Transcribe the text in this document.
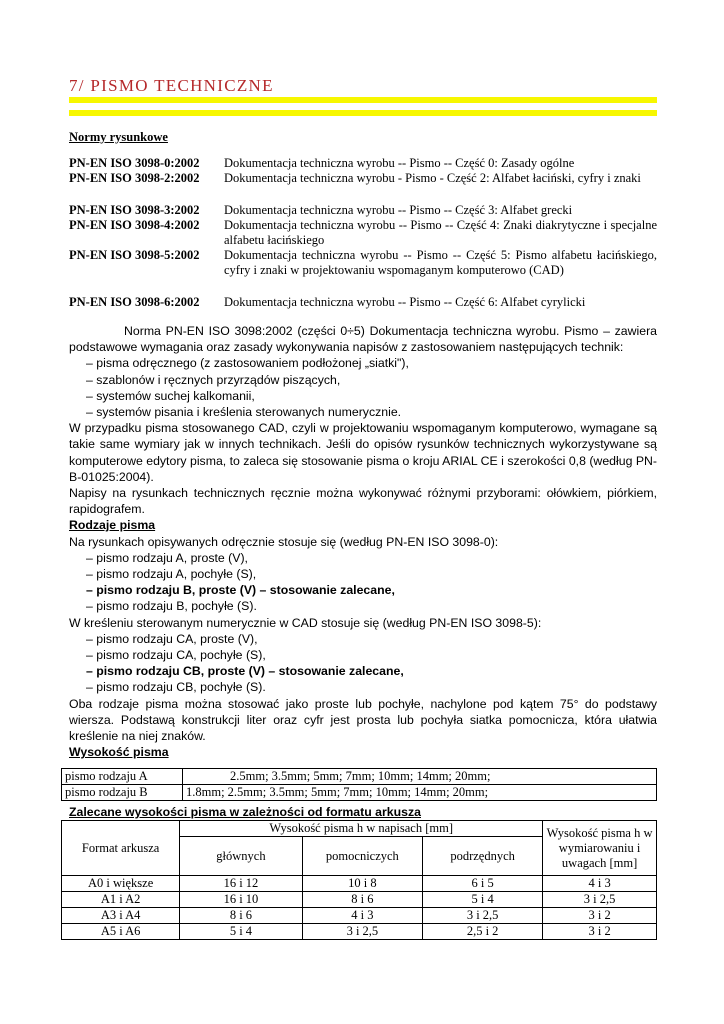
7/ PISMO TECHNICZNE
Normy rysunkowe
PN-EN ISO 3098-0:2002 Dokumentacja techniczna wyrobu -- Pismo -- Część 0: Zasady ogólne
PN-EN ISO 3098-2:2002 Dokumentacja techniczna wyrobu - Pismo - Część 2: Alfabet łaciński, cyfry i znaki
PN-EN ISO 3098-3:2002 Dokumentacja techniczna wyrobu -- Pismo -- Część 3: Alfabet grecki
PN-EN ISO 3098-4:2002 Dokumentacja techniczna wyrobu -- Pismo -- Część 4: Znaki diakrytyczne i specjalne alfabetu łacińskiego
PN-EN ISO 3098-5:2002 Dokumentacja techniczna wyrobu -- Pismo -- Część 5: Pismo alfabetu łacińskiego, cyfry i znaki w projektowaniu wspomaganym komputerowo (CAD)
PN-EN ISO 3098-6:2002 Dokumentacja techniczna wyrobu -- Pismo -- Część 6: Alfabet cyrylicki

Norma PN-EN ISO 3098:2002 (części 0÷5) Dokumentacja techniczna wyrobu. Pismo – zawiera podstawowe wymagania oraz zasady wykonywania napisów z zastosowaniem następujących technik:

– pisma odręcznego (z zastosowaniem podłożonej „siatki"),

– szablonów i ręcznych przyrządów piszących,

– systemów suchej kalkomanii,

– systemów pisania i kreślenia sterowanych numerycznie.

W przypadku pisma stosowanego CAD, czyli w projektowaniu wspomaganym komputerowo, wymagane są takie same wymiary jak w innych technikach. Jeśli do opisów rysunków technicznych wykorzystywane są komputerowe edytory pisma, to zaleca się stosowanie pisma o kroju ARIAL CE i szerokości 0,8 (według PN-B-01025:2004).

Napisy na rysunkach technicznych ręcznie można wykonywać różnymi przyborami: ołówkiem, piórkiem, rapidografem.

Rodzaje pisma

Na rysunkach opisywanych odręcznie stosuje się (według PN-EN ISO 3098-0):

– pismo rodzaju A, proste (V),

– pismo rodzaju A, pochyłe (S),

– pismo rodzaju B, proste (V) – stosowanie zalecane,

– pismo rodzaju B, pochyłe (S).

W kreśleniu sterowanym numerycznie w CAD stosuje się (według PN-EN ISO 3098-5):

– pismo rodzaju CA, proste (V),

– pismo rodzaju CA, pochyłe (S),

– pismo rodzaju CB, proste (V) – stosowanie zalecane,

– pismo rodzaju CB, pochyłe (S).

Oba rodzaje pisma można stosować jako proste lub pochyłe, nachylone pod kątem 75° do podstawy wiersza. Podstawą konstrukcji liter oraz cyfr jest prosta lub pochyła siatka pomocnicza, która ułatwia kreślenie na niej znaków.

Wysokość pisma

pismo rodzaju A	2.5mm; 3.5mm; 5mm; 7mm; 10mm; 14mm; 20mm;
pismo rodzaju B	1.8mm; 2.5mm; 3.5mm; 5mm; 7mm; 10mm; 14mm; 20mm;
Zalecane wysokości pisma w zależności od formatu arkusza
Format arkusza	Wysokość pisma h w napisach [mm]			Wysokość pisma h w wymiarowaniu i uwagach [mm]
	głównych	pomocniczych	podrzędnych	
A0 i większe	16 i 12	10 i 8	6 i 5	4 i 3
A1 i A2	16 i 10	8 i 6	5 i 4	3 i 2,5
A3 i A4	8 i 6	4 i 3	3 i 2,5	3 i 2
A5 i A6	5 i 4	3 i 2,5	2,5 i 2	3 i 2
